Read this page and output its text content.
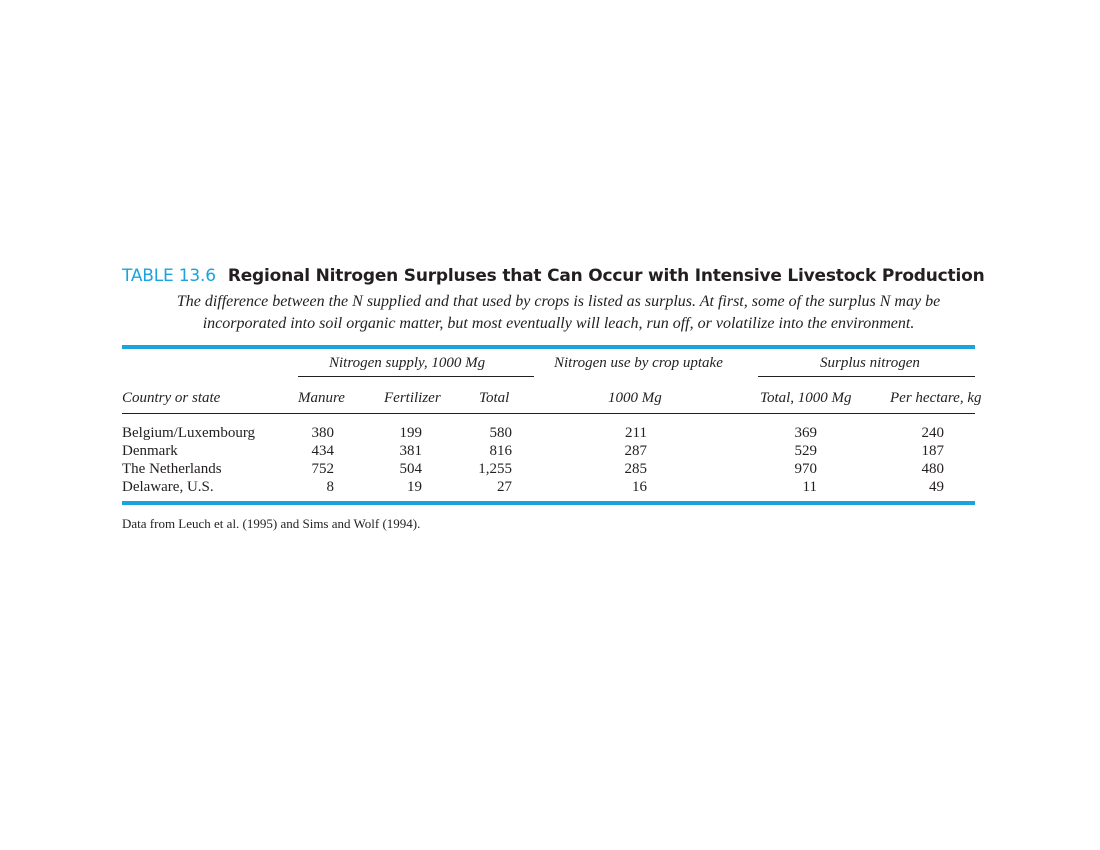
TABLE 13.6 Regional Nitrogen Surpluses that Can Occur with Intensive Livestock Production
The difference between the N supplied and that used by crops is listed as surplus. At first, some of the surplus N may be
incorporated into soil organic matter, but most eventually will leach, run off, or volatilize into the environment.
Nitrogen supply, 1000 Mg	Nitrogen use by crop uptake	Surplus nitrogen
Country or state	Manure	Fertilizer	Total	1000 Mg	Total, 1000 Mg	Per hectare, kg
Belgium/Luxembourg	380	199	580	211	369	240
Denmark	434	381	816	287	529	187
The Netherlands	752	504	1,255	285	970	480
Delaware, U.S.	8	19	27	16	11	49
Data from Leuch et al. (1995) and Sims and Wolf (1994).
